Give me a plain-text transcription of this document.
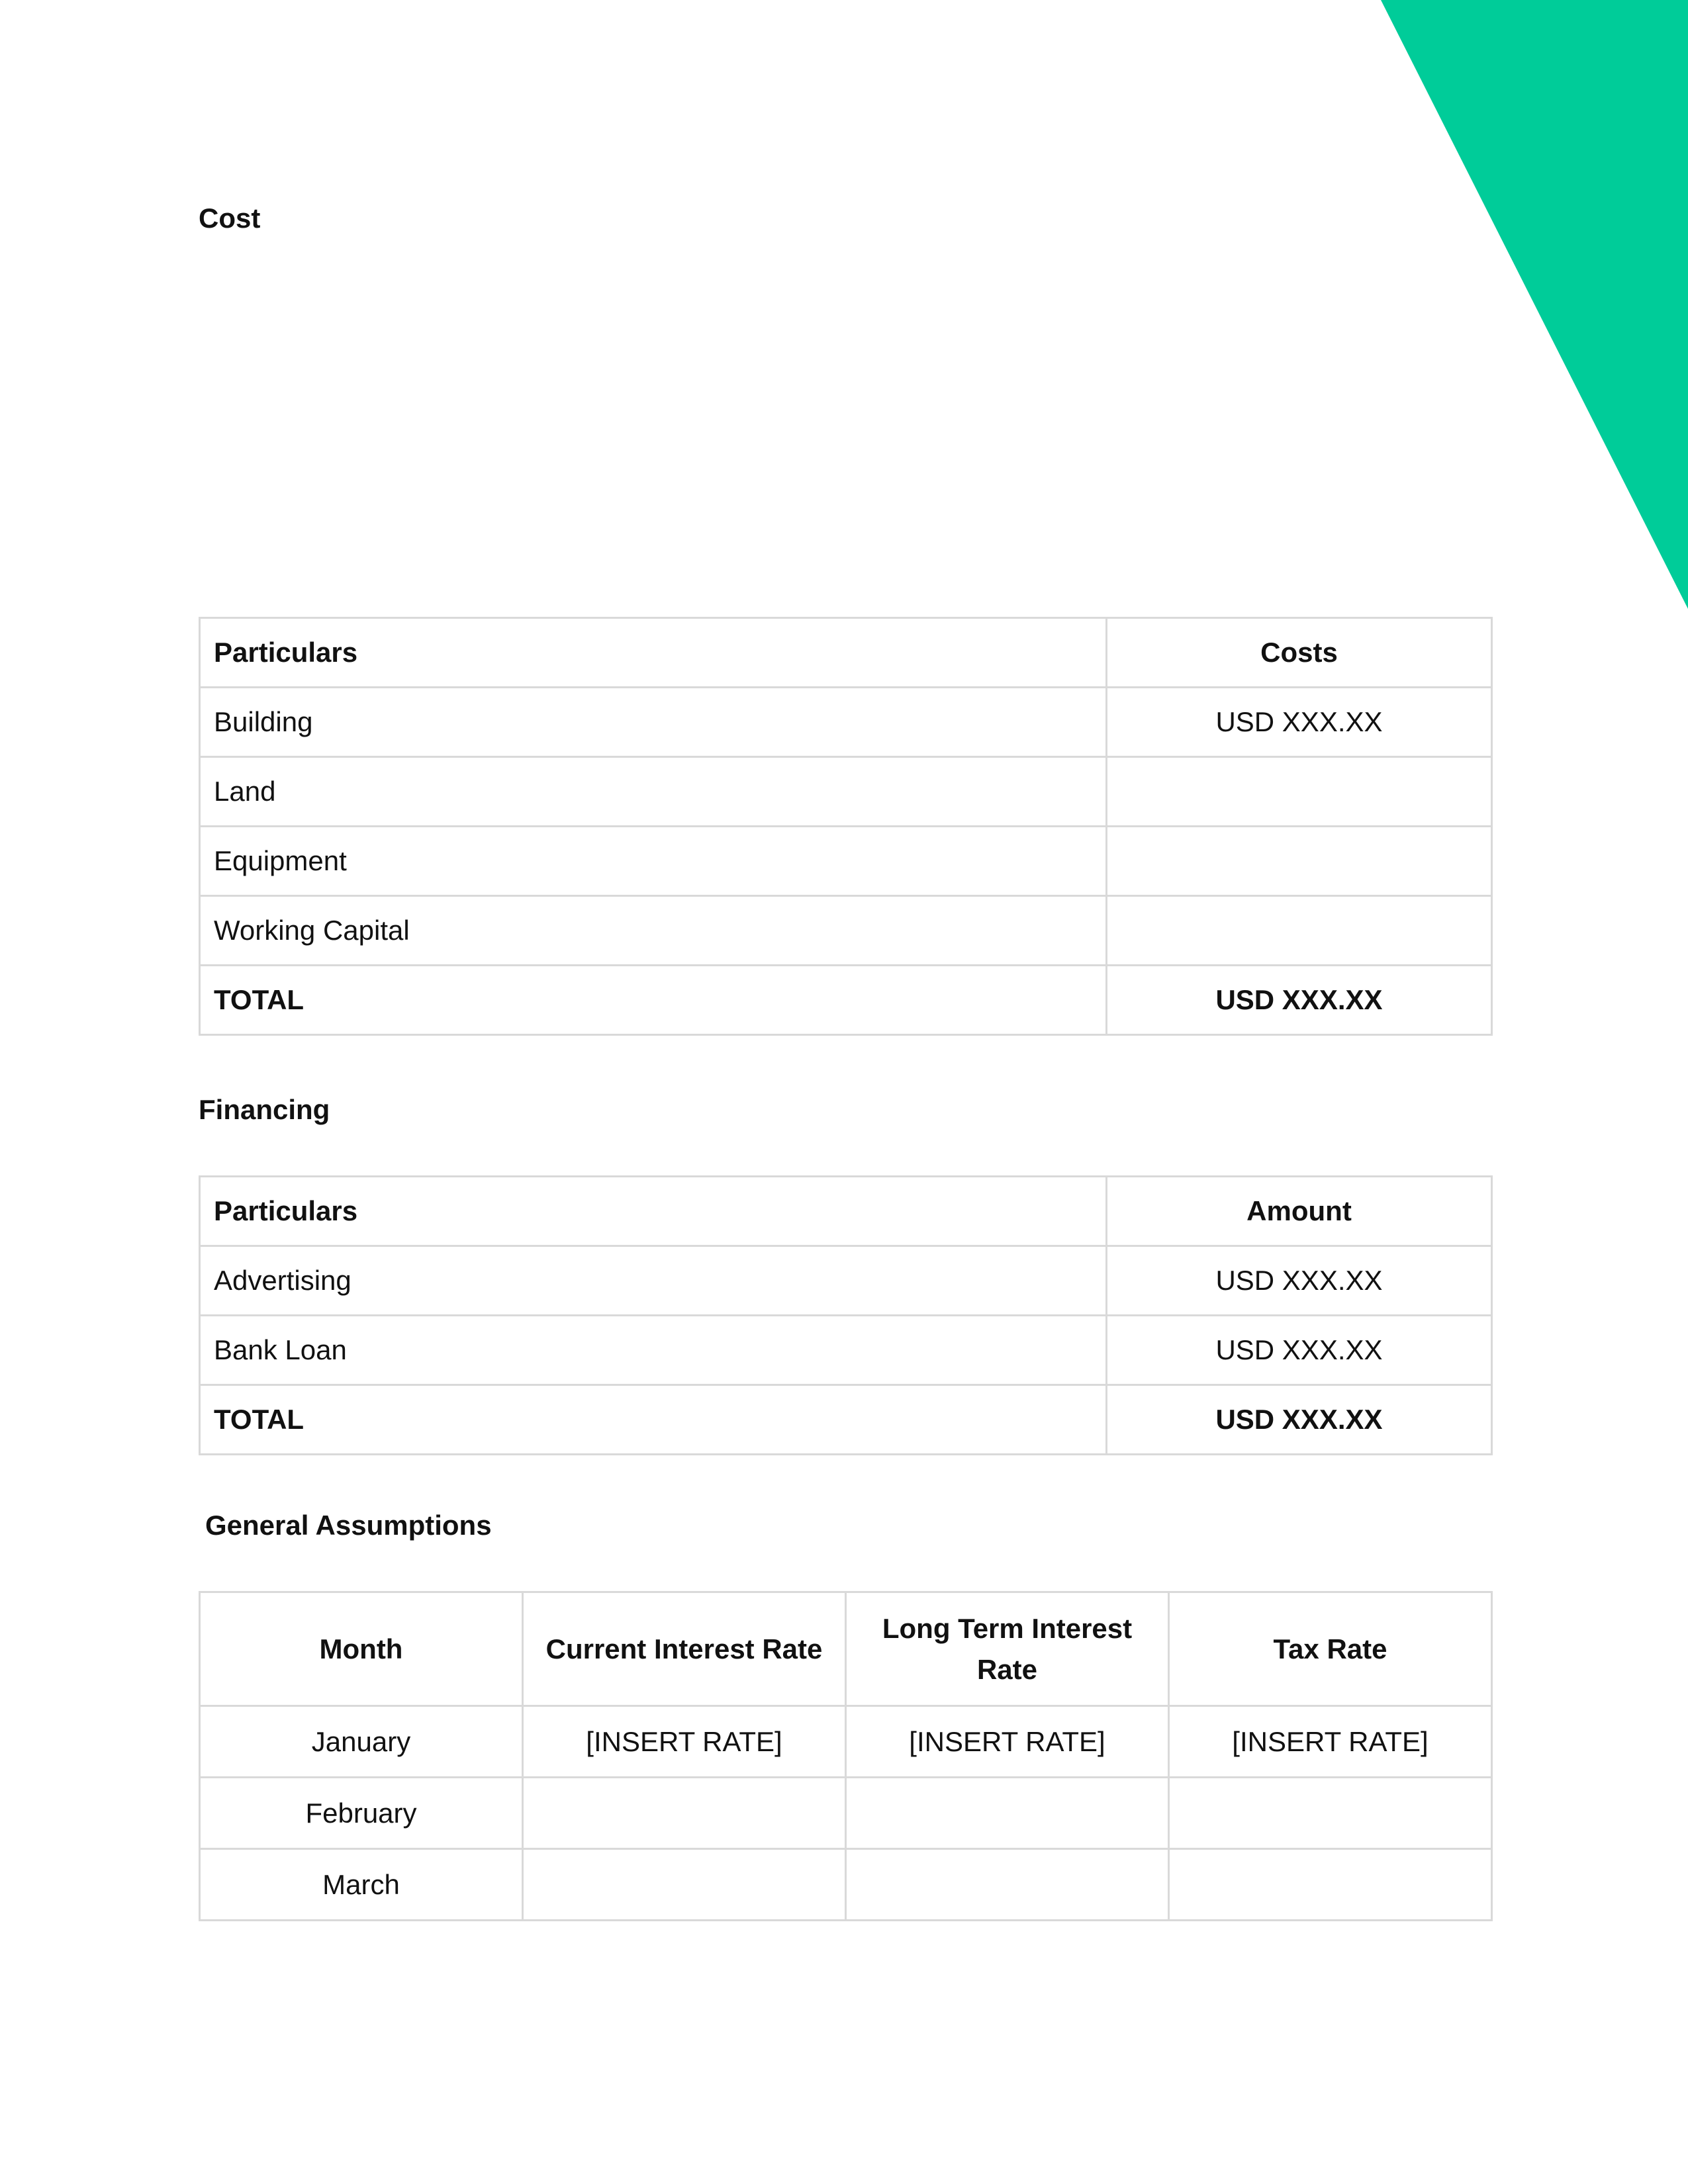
Cost
Particulars	Costs
Building	USD XXX.XX
Land	
Equipment	
Working Capital	
TOTAL	USD XXX.XX
Financing
Particulars	Amount
Advertising	USD XXX.XX
Bank Loan	USD XXX.XX
TOTAL	USD XXX.XX
General Assumptions
Month	Current Interest Rate	Long Term Interest Rate	Tax Rate
January	[INSERT RATE]	[INSERT RATE]	[INSERT RATE]
February			
March			
